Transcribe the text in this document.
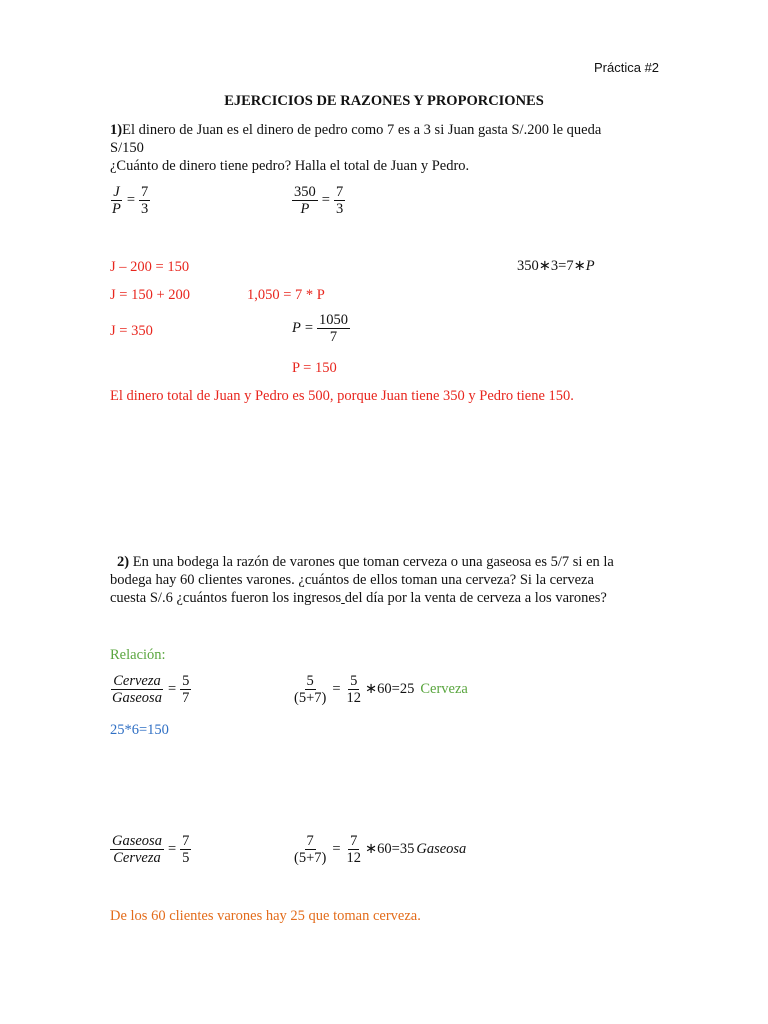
Práctica #2
EJERCICIOS DE RAZONES Y PROPORCIONES
1)El dinero de Juan es el dinero de pedro como 7 es a 3 si Juan gasta S/.200 le queda
S/150
¿Cuánto de dinero tiene pedro? Halla el total de Juan y Pedro.
$\frac{J}{P} = \frac{7}{3}$	$\frac{350}{P} = \frac{7}{3}$
J – 200 = 150	350∗3=7∗P
J = 150 + 200	1,050 = 7 * P
J = 350	$P = \frac{1050}{7}$
P = 150
El dinero total de Juan y Pedro es 500, porque Juan tiene 350 y Pedro tiene 150.
2) En una bodega la razón de varones que toman cerveza o una gaseosa es 5/7 si en la
bodega hay 60 clientes varones. ¿cuántos de ellos toman una cerveza? Si la cerveza
cuesta S/.6 ¿cuántos fueron los ingresos del día por la venta de cerveza a los varones?
Relación:
$\frac{\text{Cerveza}}{\text{Gaseosa}} = \frac{5}{7}$	$\frac{5}{(5+7)} = \frac{5}{12}$ ∗60=25 Cerveza
25*6=150
$\frac{\text{Gaseosa}}{\text{Cerveza}} = \frac{7}{5}$	$\frac{7}{(5+7)} = \frac{7}{12}$ ∗60=35 Gaseosa
De los 60 clientes varones hay 25 que toman cerveza.
